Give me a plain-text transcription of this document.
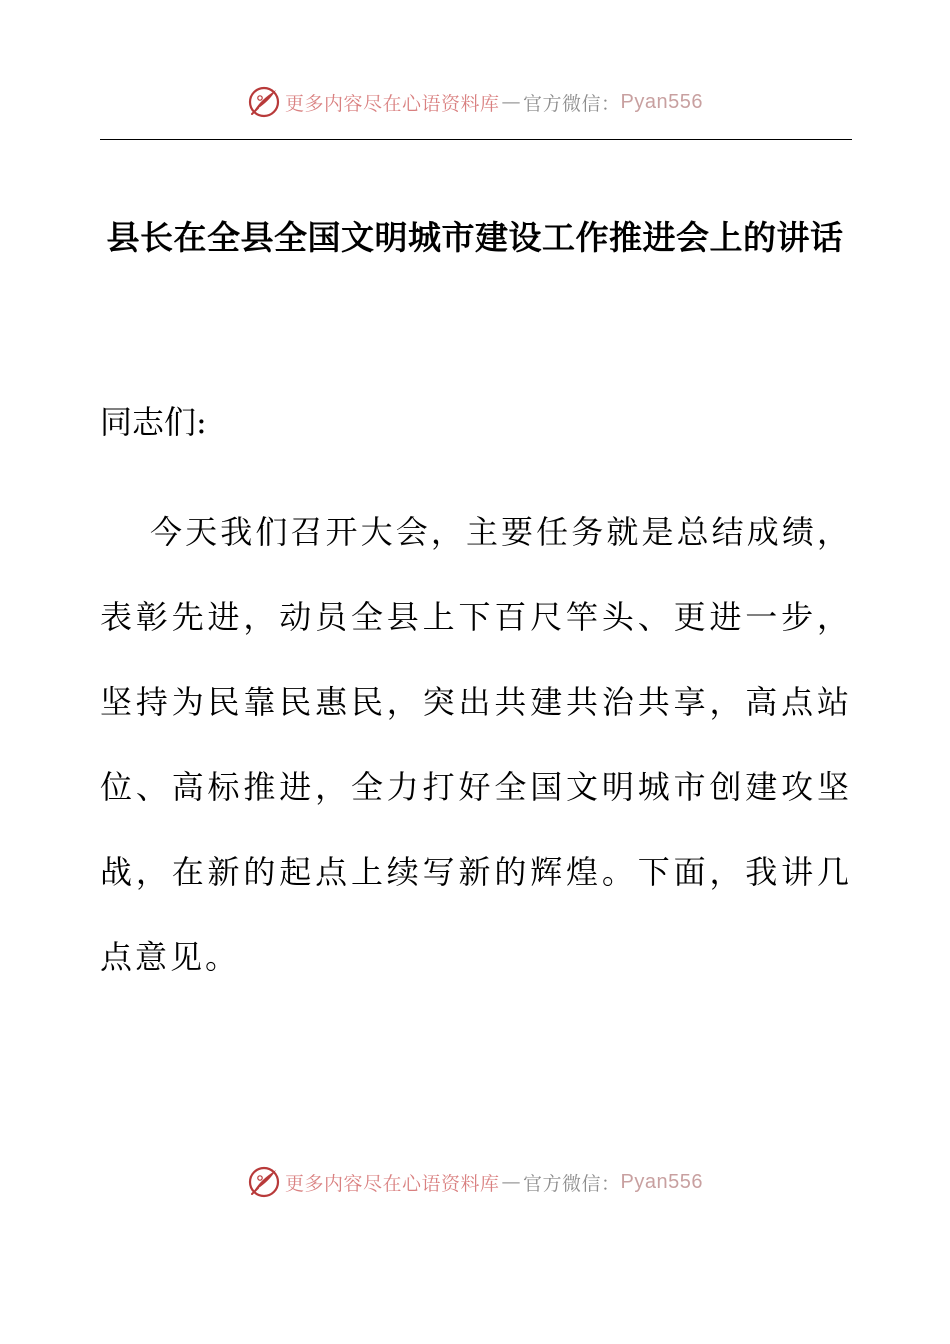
更多内容尽在心语资料库 — 官方微信： Pyan556
县长在全县全国文明城市建设工作推进会上的讲话

同志们:

今天我们召开大会，主要任务就是总结成绩，表彰先进，动员全县上下百尺竿头、更进一步，坚持为民靠民惠民，突出共建共治共享，高点站位、高标推进，全力打好全国文明城市创建攻坚战，在新的起点上续写新的辉煌。下面，我讲几点意见。

更多内容尽在心语资料库 — 官方微信： Pyan556
